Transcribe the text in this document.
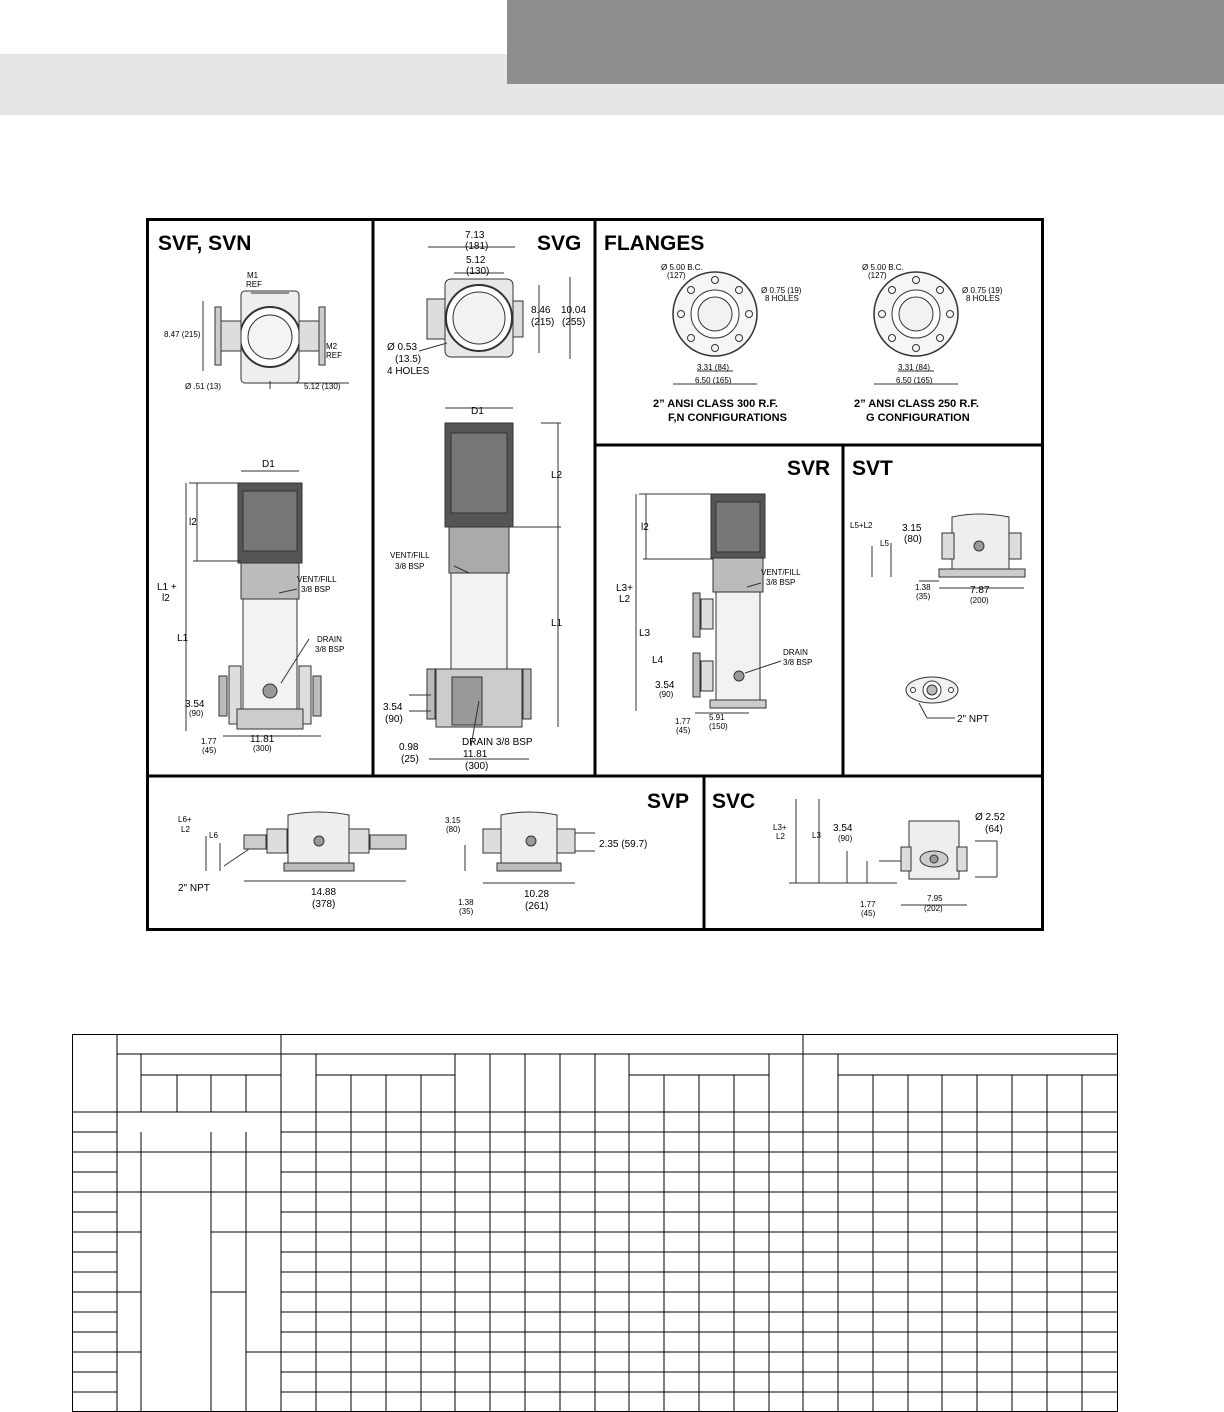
SVF, SVN
M1
REF
M2
REF
8.47 (215)
Ø .51 (13)	5.12 (130)
D1
l2
L1 +
l2
L1
VENT/FILL
3/8 BSP
DRAIN
3/8 BSP
3.54
(90)
1.77
(45)
11.81
(300)
SVG
7.13
(181)
5.12
(130)
8.46
(215)
10.04
(255)
Ø 0.53
(13.5)
4 HOLES
D1
L2
L1
VENT/FILL
3/8 BSP
3.54
(90)
0.98
(25)
DRAIN 3/8 BSP
11.81
(300)
FLANGES
Ø 5.00 B.C.
(127)
Ø 0.75 (19)
8 HOLES
3.31 (84)
6.50 (165)
2” ANSI CLASS 300 R.F.
F,N CONFIGURATIONS
Ø 5.00 B.C.
(127)
Ø 0.75 (19)
8 HOLES
3.31 (84)
6.50 (165)
2” ANSI CLASS 250 R.F.
G CONFIGURATION
SVR
l2
L3+
L2
L3
L4
VENT/FILL
3/8 BSP
DRAIN
3/8 BSP
3.54
(90)
5.91
(150)
1.77
(45)
SVT
L5+L2
L5
3.15
(80)
1.38
(35)
7.87
(200)
2" NPT
SVP
L6+
L2
L6
2" NPT	14.88
(378)
3.15
(80)
2.35 (59.7)
1.38
(35)
10.28
(261)
SVC
L3+
L2	L3
3.54
(90)
Ø 2.52
(64)
1.77
(45)
7.95
(202)
